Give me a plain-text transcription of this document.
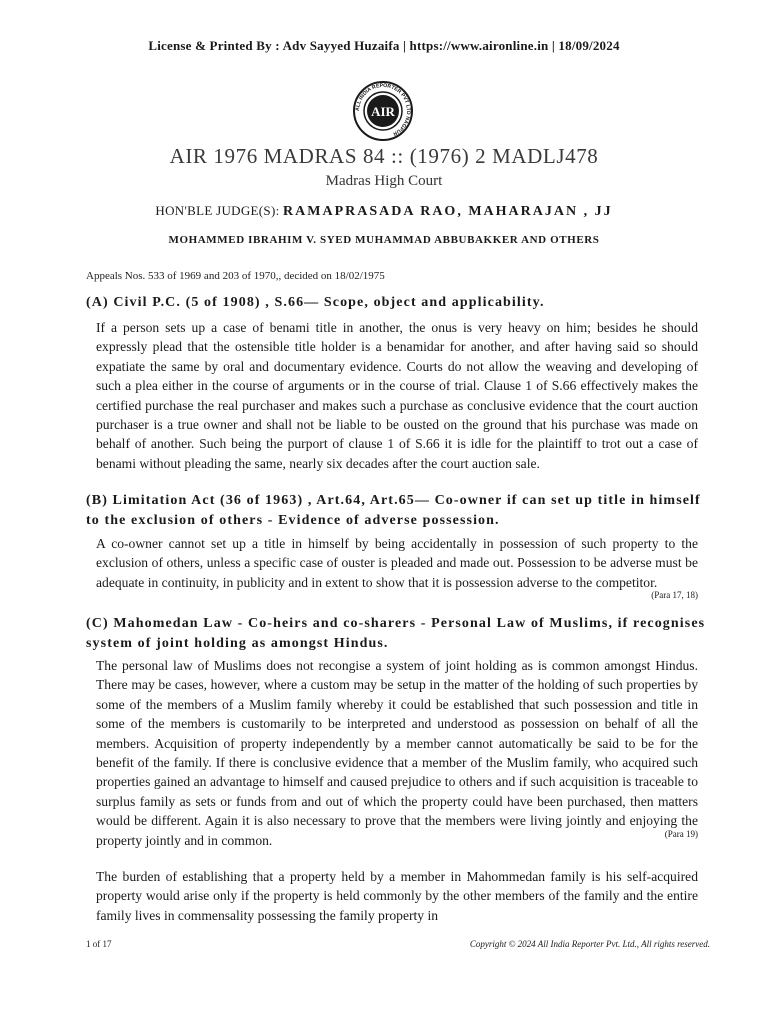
License & Printed By : Adv Sayyed Huzaifa | https://www.aironline.in | 18/09/2024
AIR
ALL INDIA REPORTER PVT LTD NAGPUR
AIR 1976 MADRAS 84 :: (1976) 2 MADLJ478
Madras High Court
HON'BLE JUDGE(S): RAMAPRASADA RAO, MAHARAJAN , JJ
MOHAMMED IBRAHIM V. SYED MUHAMMAD ABBUBAKKER AND OTHERS
Appeals Nos. 533 of 1969 and 203 of 1970,, decided on 18/02/1975
(A) Civil P.C. (5 of 1908) , S.66— Scope, object and applicability.
If a person sets up a case of benami title in another, the onus is very heavy on him; besides he should expressly plead that the ostensible title holder is a benamidar for another, and after having said so should expatiate the same by oral and documentary evidence. Courts do not allow the weaving and developing of such a plea either in the course of arguments or in the course of trial. Clause 1 of S.66 effectively makes the certified purchase the real purchaser and makes such a purchase as conclusive evidence that the court auction purchaser is a true owner and shall not be liable to be ousted on the ground that his purchase was made on behalf of another. Such being the purport of clause 1 of S.66 it is idle for the plaintiff to trot out a case of benami without pleading the same, nearly six decades after the court auction sale.
(B) Limitation Act (36 of 1963) , Art.64, Art.65— Co-owner if can set up title in himself to the exclusion of others - Evidence of adverse possession.
A co-owner cannot set up a title in himself by being accidentally in possession of such property to the exclusion of others, unless a specific case of ouster is pleaded and made out. Possession to be adverse must be adequate in continuity, in publicity and in extent to show that it is possession adverse to the competitor.
(Para 17, 18)
(C) Mahomedan Law - Co-heirs and co-sharers - Personal Law of Muslims, if recognises system of joint holding as amongst Hindus.
The personal law of Muslims does not recongise a system of joint holding as is common amongst Hindus. There may be cases, however, where a custom may be setup in the matter of the holding of such properties by some of the members of a Muslim family whereby it could be established that such possession and title in some of the members is customarily to be interpreted and understood as possession on behalf of all the members. Acquisition of property independently by a member cannot automatically be said to be for the benefit of the family. If there is conclusive evidence that a member of the Muslim family, who acquired such properties gained an advantage to himself and caused prejudice to others and if such acquisition is traceable to surplus family as sets or funds from and out of which the property could have been purchased, then matters would be different. Again it is also necessary to prove that the members were living jointly and enjoying the property jointly and in common.	(Para 19)
The burden of establishing that a property held by a member in Mahommedan family is his self-acquired property would arise only if the property is held commonly by the other members of the family and the entire family lives in commensality possessing the family property in
1 of 17	Copyright © 2024 All India Reporter Pvt. Ltd., All rights reserved.
